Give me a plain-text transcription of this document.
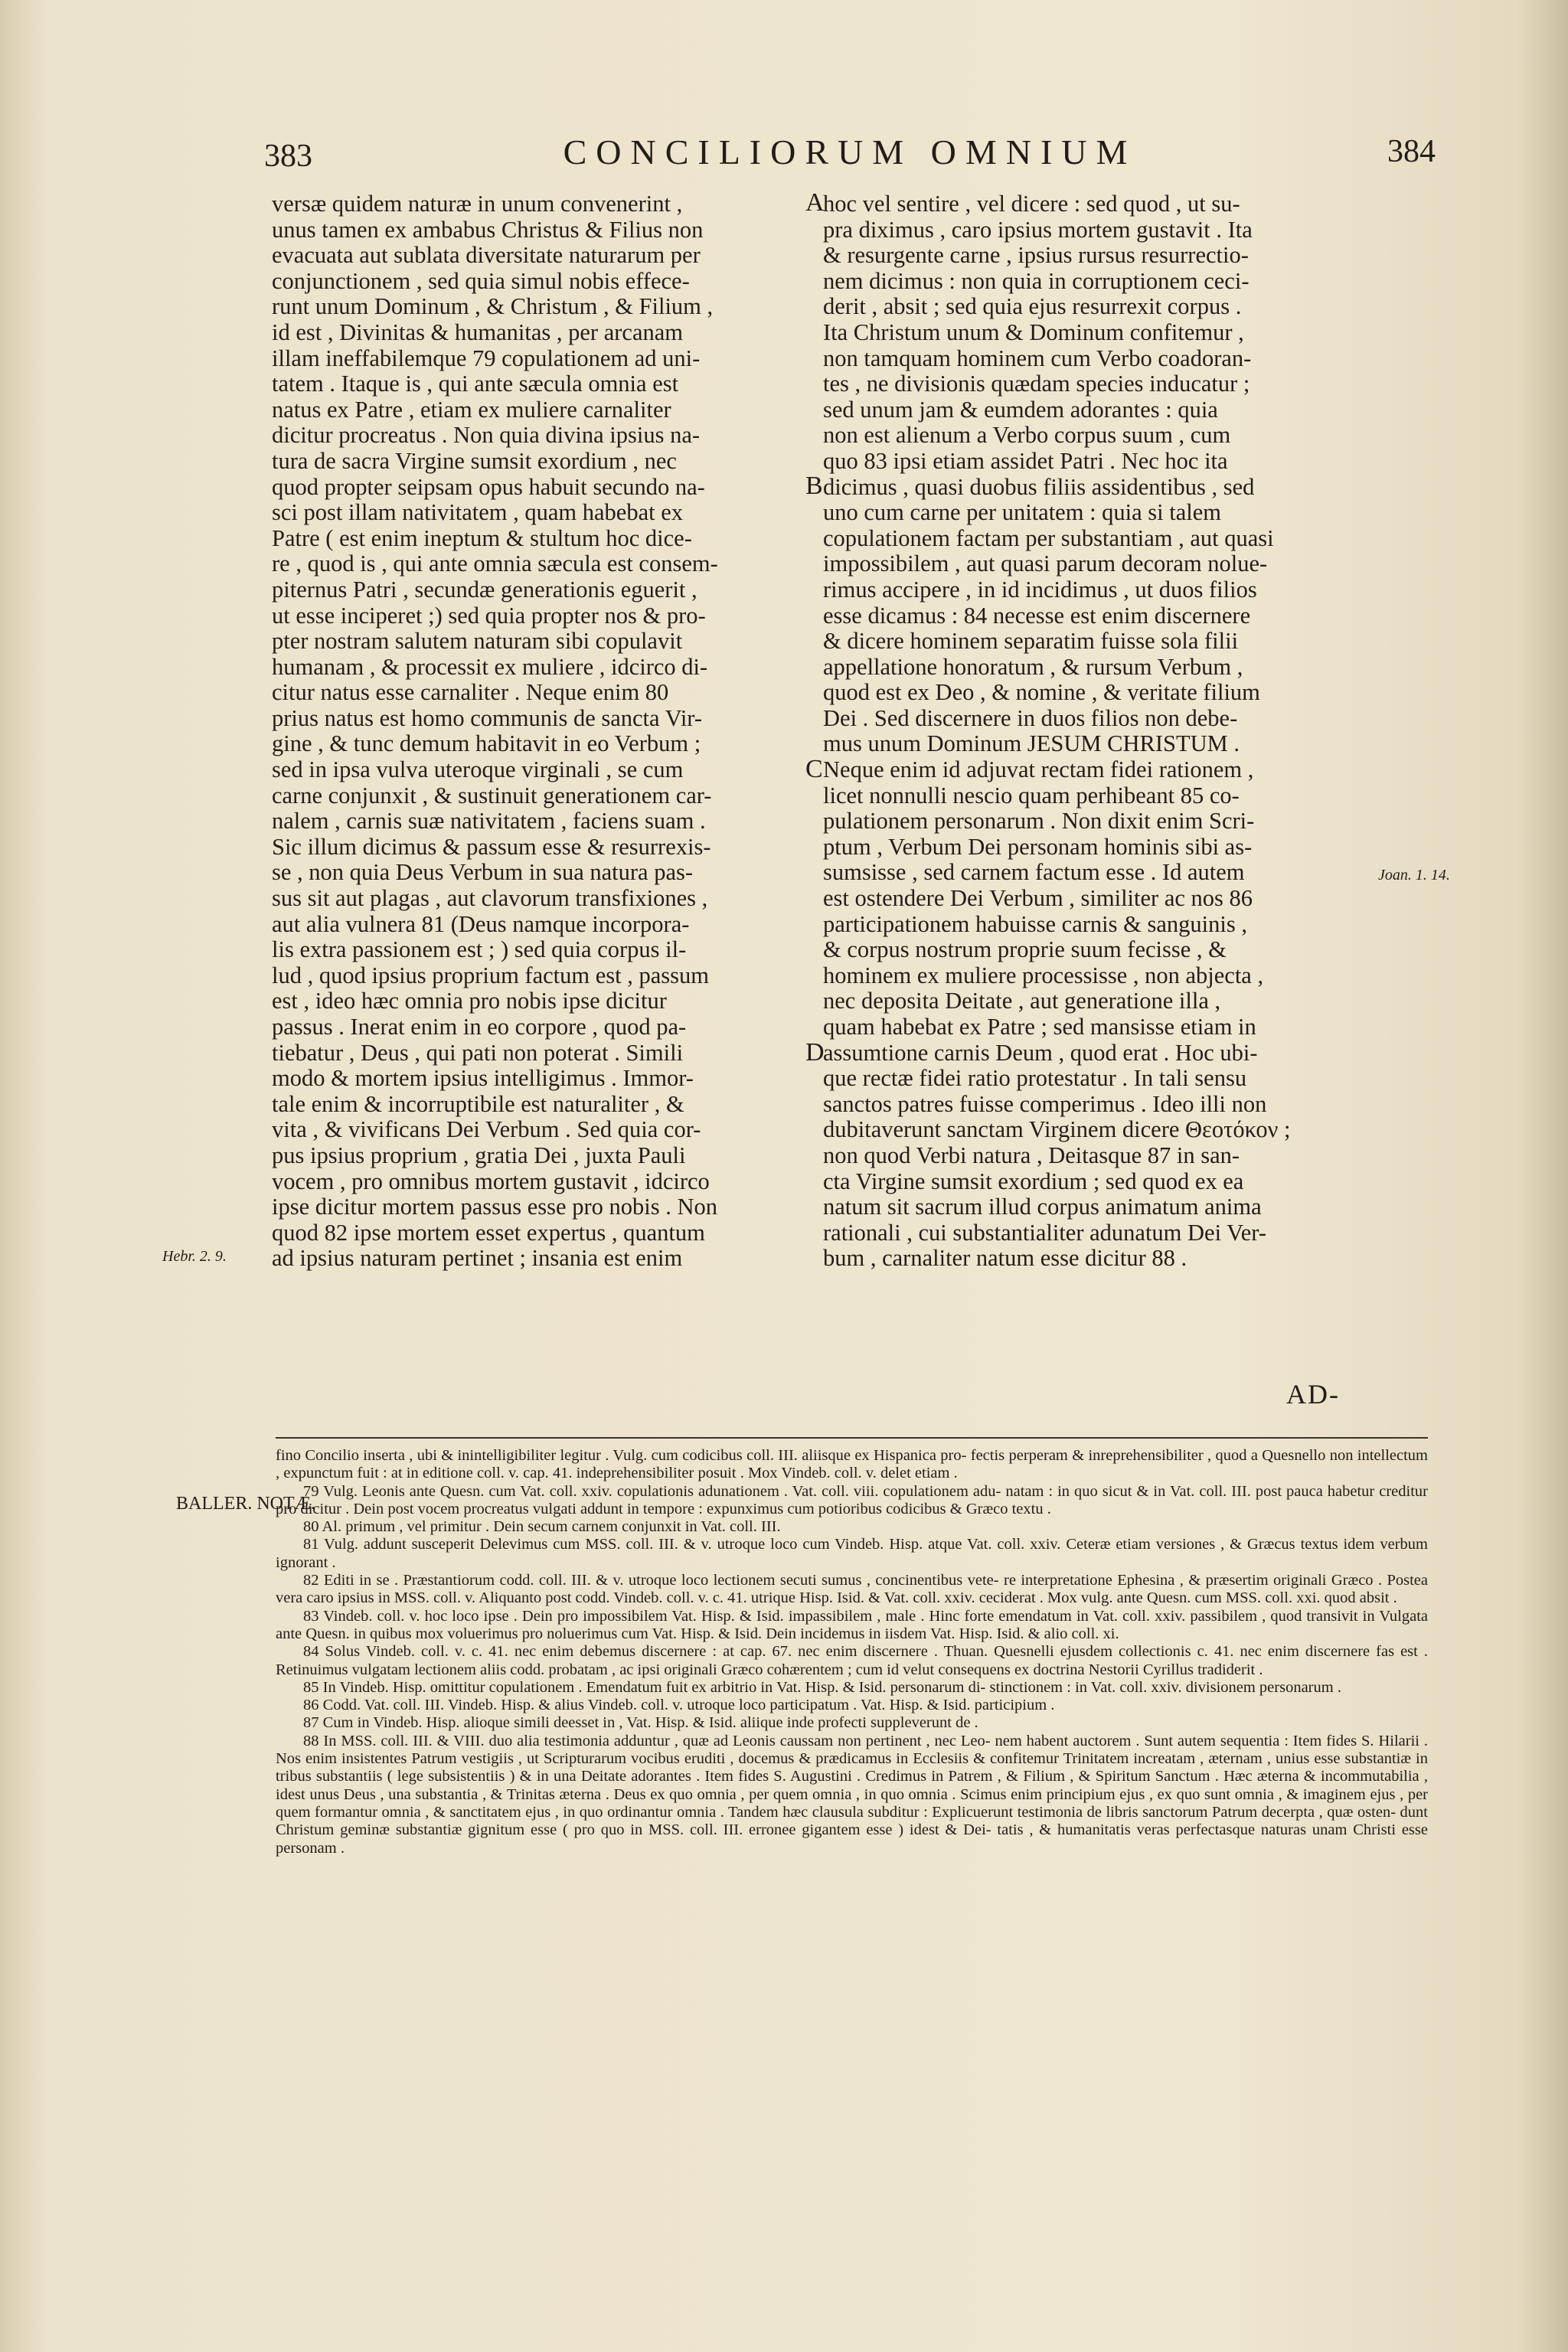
383	CONCILIORUM OMNIUM	384
versæ quidem naturæ in unum convenerint ,
unus tamen ex ambabus Christus & Filius non
evacuata aut sublata diversitate naturarum per
conjunctionem , sed quia simul nobis effece-
runt unum Dominum , & Christum , & Filium ,
id est , Divinitas & humanitas , per arcanam
illam ineffabilemque 79 copulationem ad uni-
tatem . Itaque is , qui ante sæcula omnia est
natus ex Patre , etiam ex muliere carnaliter
dicitur procreatus . Non quia divina ipsius na-
tura de sacra Virgine sumsit exordium , nec
quod propter seipsam opus habuit secundo na-
sci post illam nativitatem , quam habebat ex
Patre ( est enim ineptum & stultum hoc dice-
re , quod is , qui ante omnia sæcula est consem-
piternus Patri , secundæ generationis eguerit ,
ut esse inciperet ;) sed quia propter nos & pro-
pter nostram salutem naturam sibi copulavit
humanam , & processit ex muliere , idcirco di-
citur natus esse carnaliter . Neque enim 80
prius natus est homo communis de sancta Vir-
gine , & tunc demum habitavit in eo Verbum ;
sed in ipsa vulva uteroque virginali , se cum
carne conjunxit , & sustinuit generationem car-
nalem , carnis suæ nativitatem , faciens suam .
Sic illum dicimus & passum esse & resurrexis-
se , non quia Deus Verbum in sua natura pas-
sus sit aut plagas , aut clavorum transfixiones ,
aut alia vulnera 81 (Deus namque incorpora-
lis extra passionem est ; ) sed quia corpus il-
lud , quod ipsius proprium factum est , passum
est , ideo hæc omnia pro nobis ipse dicitur
passus . Inerat enim in eo corpore , quod pa-
tiebatur , Deus , qui pati non poterat . Simili
modo & mortem ipsius intelligimus . Immor-
tale enim & incorruptibile est naturaliter , &
vita , & vivificans Dei Verbum . Sed quia cor-
pus ipsius proprium , gratia Dei , juxta Pauli
vocem , pro omnibus mortem gustavit , idcirco
ipse dicitur mortem passus esse pro nobis . Non
quod 82 ipse mortem esset expertus , quantum
ad ipsius naturam pertinet ; insania est enim
hoc vel sentire , vel dicere : sed quod , ut su-
pra diximus , caro ipsius mortem gustavit . Ita
& resurgente carne , ipsius rursus resurrectio-
nem dicimus : non quia in corruptionem ceci-
derit , absit ; sed quia ejus resurrexit corpus .
Ita Christum unum & Dominum confitemur ,
non tamquam hominem cum Verbo coadoran-
tes , ne divisionis quædam species inducatur ;
sed unum jam & eumdem adorantes : quia
non est alienum a Verbo corpus suum , cum
quo 83 ipsi etiam assidet Patri . Nec hoc ita
dicimus , quasi duobus filiis assidentibus , sed
uno cum carne per unitatem : quia si talem
copulationem factam per substantiam , aut quasi
impossibilem , aut quasi parum decoram noluе-
rimus accipere , in id incidimus , ut duos filios
esse dicamus : 84 necesse est enim discernere
& dicere hominem separatim fuisse sola filii
appellatione honoratum , & rursum Verbum ,
quod est ex Deo , & nomine , & veritate filium
Dei . Sed discernere in duos filios non debe-
mus unum Dominum JESUM CHRISTUM .
Neque enim id adjuvat rectam fidei rationem ,
licet nonnulli nescio quam perhibeant 85 co-
pulationem personarum . Non dixit enim Scri-
ptum , Verbum Dei personam hominis sibi as-
sumsisse , sed carnem factum esse . Id autem
est ostendere Dei Verbum , similiter ac nos 86
participationem habuisse carnis & sanguinis ,
& corpus nostrum proprie suum fecisse , &
hominem ex muliere processisse , non abjecta ,
nec deposita Deitate , aut generatione illa ,
quam habebat ex Patre ; sed mansisse etiam in
assumtione carnis Deum , quod erat . Hoc ubi-
que rectæ fidei ratio protestatur . In tali sensu
sanctos patres fuisse comperimus . Ideo illi non
dubitaverunt sanctam Virginem dicere Θεοτόκον ;
non quod Verbi natura , Deitasque 87 in san-
cta Virgine sumsit exordium ; sed quod ex ea
natum sit sacrum illud corpus animatum anima
rationali , cui substantialiter adunatum Dei Ver-
bum , carnaliter natum esse dicitur 88 .
A
B
C
D
Hebr. 2. 9.
Joan. 1. 14.
AD-
BALLER. NOTÆ.

fino Concilio inserta , ubi & inintelligibiliter legitur . Vulg. cum codicibus coll. III. aliisque ex Hispanica pro- fectis perperam & inreprehensibiliter , quod a Quesnello non intellectum , expunctum fuit : at in editione coll. v. cap. 41. indeprehensibiliter posuit . Mox Vindeb. coll. v. delet etiam .

79 Vulg. Leonis ante Quesn. cum Vat. coll. xxiv. copulationis adunationem . Vat. coll. viii. copulationem adu- natam : in quo sicut & in Vat. coll. III. post pauca habetur creditur pro dicitur . Dein post vocem procreatus vulgati addunt in tempore : expunximus cum potioribus codicibus & Græco textu .

80 Al. primum , vel primitur . Dein secum carnem conjunxit in Vat. coll. III.

81 Vulg. addunt susceperit Delevimus cum MSS. coll. III. & v. utroque loco cum Vindeb. Hisp. atque Vat. coll. xxiv. Ceteræ etiam versiones , & Græcus textus idem verbum ignorant .

82 Editi in se . Præstantiorum codd. coll. III. & v. utroque loco lectionem secuti sumus , concinentibus vete- re interpretatione Ephesina , & præsertim originali Græco . Postea vera caro ipsius in MSS. coll. v. Aliquanto post codd. Vindeb. coll. v. c. 41. utrique Hisp. Isid. & Vat. coll. xxiv. ceciderat . Mox vulg. ante Quesn. cum MSS. coll. xxi. quod absit .

83 Vindeb. coll. v. hoc loco ipse . Dein pro impossibilem Vat. Hisp. & Isid. impassibilem , male . Hinc forte emendatum in Vat. coll. xxiv. passibilem , quod transivit in Vulgata ante Quesn. in quibus mox voluerimus pro noluerimus cum Vat. Hisp. & Isid. Dein incidemus in iisdem Vat. Hisp. Isid. & alio coll. xi.

84 Solus Vindeb. coll. v. c. 41. nec enim debemus discernere : at cap. 67. nec enim discernere . Thuan. Quesnelli ejusdem collectionis c. 41. nec enim discernere fas est . Retinuimus vulgatam lectionem aliis codd. probatam , ac ipsi originali Græco cohærentem ; cum id velut consequens ex doctrina Nestorii Cyrillus tradiderit .

85 In Vindeb. Hisp. omittitur copulationem . Emendatum fuit ex arbitrio in Vat. Hisp. & Isid. personarum di- stinctionem : in Vat. coll. xxiv. divisionem personarum .

86 Codd. Vat. coll. III. Vindeb. Hisp. & alius Vindeb. coll. v. utroque loco participatum . Vat. Hisp. & Isid. participium .

87 Cum in Vindeb. Hisp. alioque simili deesset in , Vat. Hisp. & Isid. aliique inde profecti suppleverunt de .

88 In MSS. coll. III. & VIII. duo alia testimonia adduntur , quæ ad Leonis caussam non pertinent , nec Leo- nem habent auctorem . Sunt autem sequentia : Item fides S. Hilarii . Nos enim insistentes Patrum vestigiis , ut Scripturarum vocibus eruditi , docemus & prædicamus in Ecclesiis & confitemur Trinitatem increatam , æternam , unius esse substantiæ in tribus substantiis ( lege subsistentiis ) & in una Deitate adorantes . Item fides S. Augustini . Credimus in Patrem , & Filium , & Spiritum Sanctum . Hæc æterna & incommutabilia , idest unus Deus , una substantia , & Trinitas æterna . Deus ex quo omnia , per quem omnia , in quo omnia . Scimus enim principium ejus , ex quo sunt omnia , & imaginem ejus , per quem formantur omnia , & sanctitatem ejus , in quo ordinantur omnia . Tandem hæc clausula subditur : Explicuerunt testimonia de libris sanctorum Patrum decerpta , quæ osten- dunt Christum geminæ substantiæ gignitum esse ( pro quo in MSS. coll. III. erronee gigantem esse ) idest & Dei- tatis , & humanitatis veras perfectasque naturas unam Christi esse personam .
